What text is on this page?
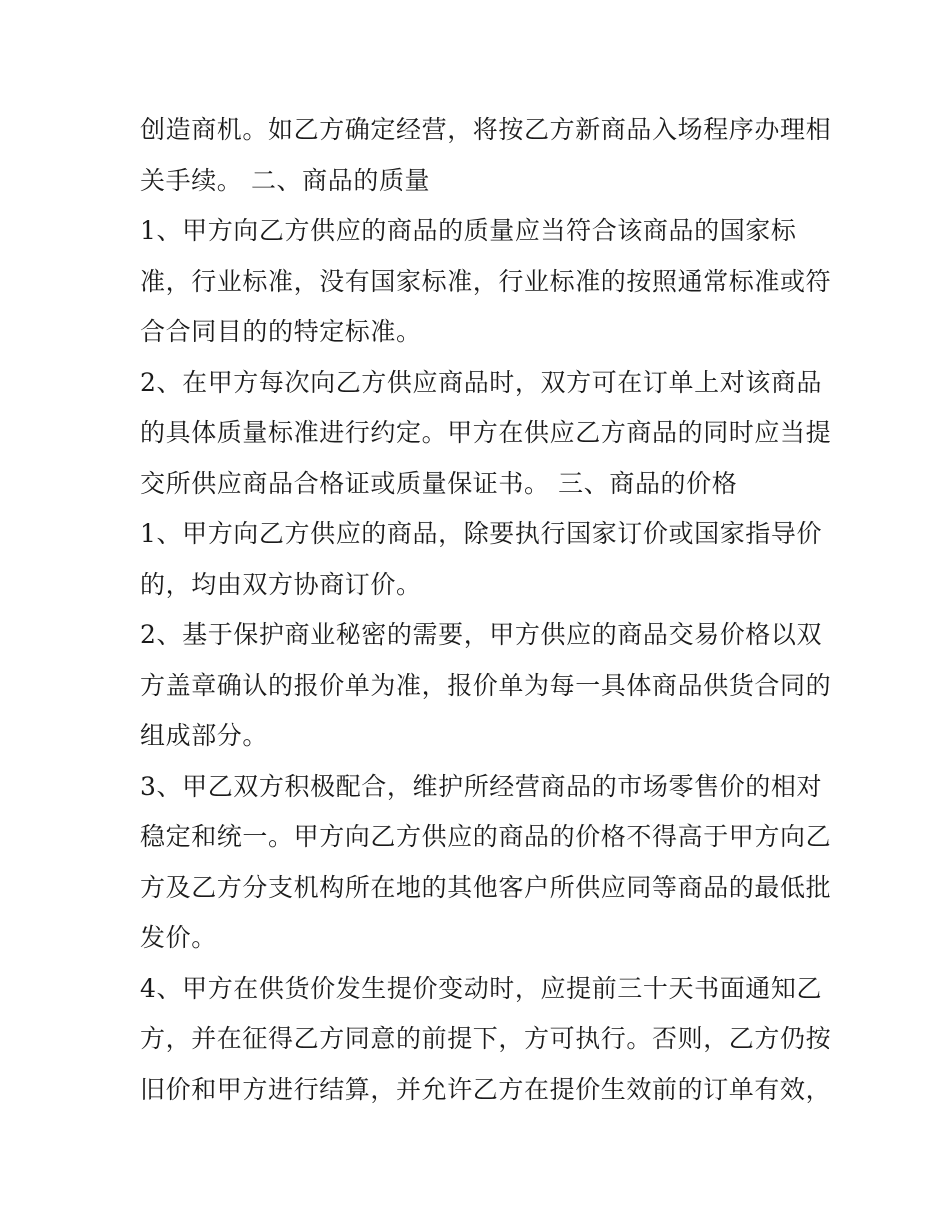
创造商机。如乙方确定经营，将按乙方新商品入场程序办理相
关手续。 二、商品的质量
1、甲方向乙方供应的商品的质量应当符合该商品的国家标
准，行业标准，没有国家标准，行业标准的按照通常标准或符
合合同目的的特定标准。
2、在甲方每次向乙方供应商品时，双方可在订单上对该商品
的具体质量标准进行约定。甲方在供应乙方商品的同时应当提
交所供应商品合格证或质量保证书。 三、商品的价格
1、甲方向乙方供应的商品，除要执行国家订价或国家指导价
的，均由双方协商订价。
2、基于保护商业秘密的需要，甲方供应的商品交易价格以双
方盖章确认的报价单为准，报价单为每一具体商品供货合同的
组成部分。
3、甲乙双方积极配合，维护所经营商品的市场零售价的相对
稳定和统一。甲方向乙方供应的商品的价格不得高于甲方向乙
方及乙方分支机构所在地的其他客户所供应同等商品的最低批
发价。
4、甲方在供货价发生提价变动时，应提前三十天书面通知乙
方，并在征得乙方同意的前提下，方可执行。否则，乙方仍按
旧价和甲方进行结算，并允许乙方在提价生效前的订单有效，
